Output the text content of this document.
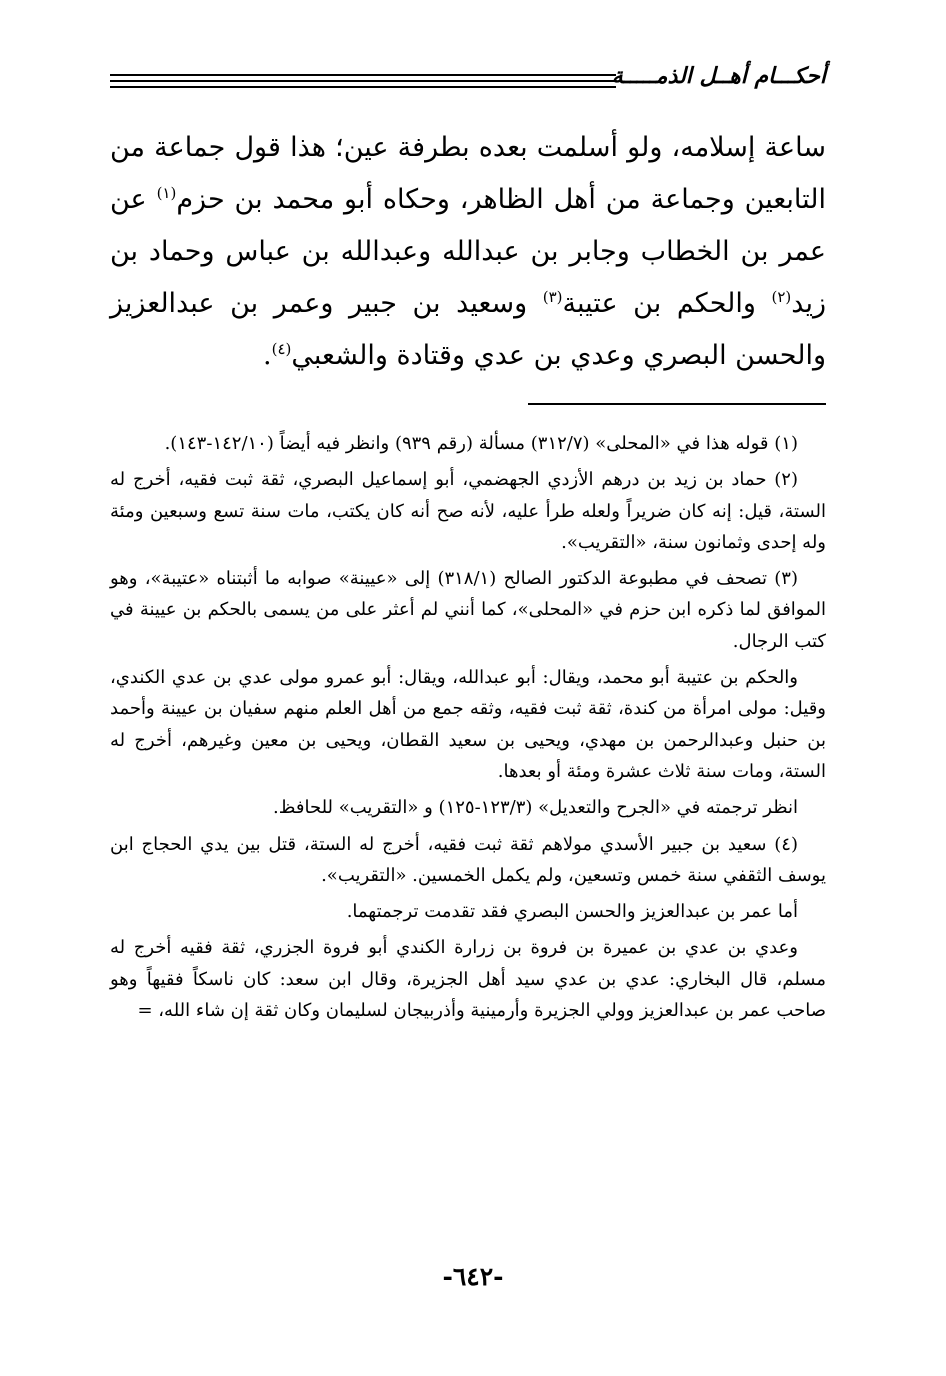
أحكـــام أهــل الذمـــــة

ساعة إسلامه، ولو أسلمت بعده بطرفة عين؛ هذا قول جماعة من التابعين وجماعة من أهل الظاهر، وحكاه أبو محمد بن حزم$^{(١)}$ عن عمر بن الخطاب وجابر بن عبدالله وعبدالله بن عباس وحماد بن زيد$^{(٢)}$ والحكم بن عتيبة$^{(٣)}$ وسعيد بن جبير وعمر بن عبدالعزيز والحسن البصري وعدي بن عدي وقتادة والشعبي$^{(٤)}$.

(١) قوله هذا في «المحلى» (٣١٢/٧) مسألة (رقم ٩٣٩) وانظر فيه أيضاً (١٤٢/١٠-١٤٣).

(٢) حماد بن زيد بن درهم الأزدي الجهضمي، أبو إسماعيل البصري، ثقة ثبت فقيه، أخرج له الستة، قيل: إنه كان ضريراً ولعله طرأ عليه، لأنه صح أنه كان يكتب، مات سنة تسع وسبعين ومئة وله إحدى وثمانون سنة، «التقريب».

(٣) تصحف في مطبوعة الدكتور الصالح (٣١٨/١) إلى «عيينة» صوابه ما أثبتناه «عتيبة»، وهو الموافق لما ذكره ابن حزم في «المحلى»، كما أنني لم أعثر على من يسمى بالحكم بن عيينة في كتب الرجال.

والحكم بن عتيبة أبو محمد، ويقال: أبو عبدالله، ويقال: أبو عمرو مولى عدي بن عدي الكندي، وقيل: مولى امرأة من كندة، ثقة ثبت فقيه، وثقه جمع من أهل العلم منهم سفيان بن عيينة وأحمد بن حنبل وعبدالرحمن بن مهدي، ويحيى بن سعيد القطان، ويحيى بن معين وغيرهم، أخرج له الستة، ومات سنة ثلاث عشرة ومئة أو بعدها.

انظر ترجمته في «الجرح والتعديل» (١٢٣/٣-١٢٥) و «التقريب» للحافظ.

(٤) سعيد بن جبير الأسدي مولاهم ثقة ثبت فقيه، أخرج له الستة، قتل بين يدي الحجاج ابن يوسف الثقفي سنة خمس وتسعين، ولم يكمل الخمسين. «التقريب».

أما عمر بن عبدالعزيز والحسن البصري فقد تقدمت ترجمتهما.

وعدي بن عدي بن عميرة بن فروة بن زرارة الكندي أبو فروة الجزري، ثقة فقيه أخرج له مسلم، قال البخاري: عدي بن عدي سيد أهل الجزيرة، وقال ابن سعد: كان ناسكاً فقيهاً وهو صاحب عمر بن عبدالعزيز وولي الجزيرة وأرمينية وأذربيجان لسليمان وكان ثقة إن شاء الله، =

-٦٤٢-
